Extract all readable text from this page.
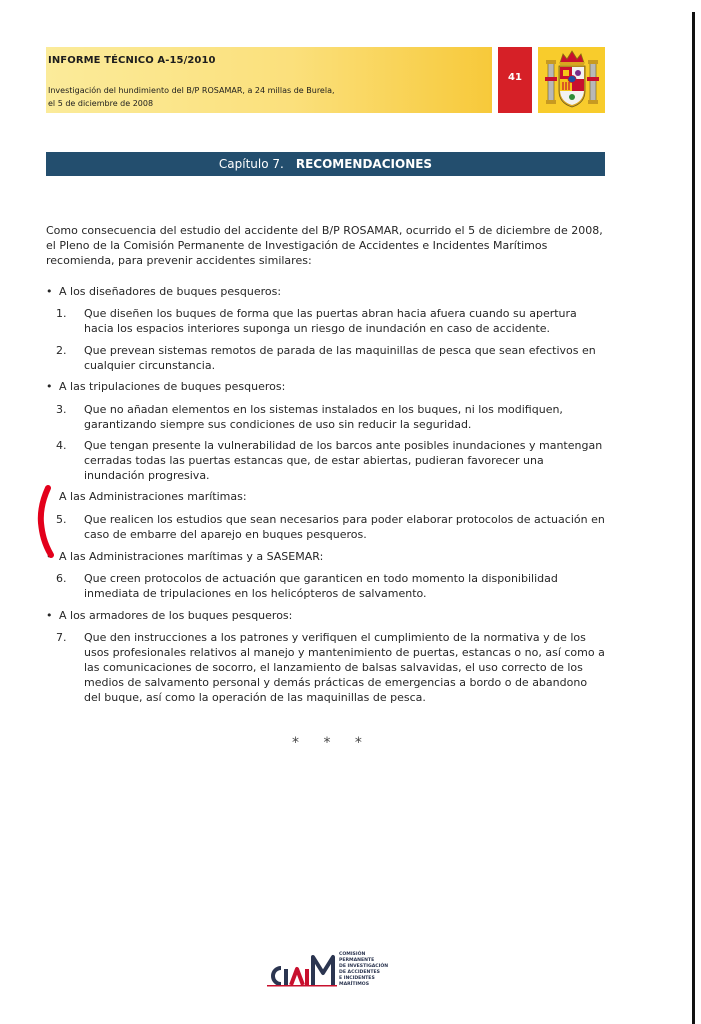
INFORME TÉCNICO A-15/2010
Investigación del hundimiento del B/P ROSAMAR, a 24 millas de Burela,
el 5 de diciembre de 2008
41
Capítulo 7. RECOMENDACIONES
Como consecuencia del estudio del accidente del B/P ROSAMAR, ocurrido el 5 de diciembre de 2008, el Pleno de la Comisión Permanente de Investigación de Accidentes e Incidentes Marítimos recomienda, para prevenir accidentes similares:
• A los diseñadores de buques pesqueros:
1. Que diseñen los buques de forma que las puertas abran hacia afuera cuando su apertura hacia los espacios interiores suponga un riesgo de inundación en caso de accidente.
2. Que prevean sistemas remotos de parada de las maquinillas de pesca que sean efectivos en cualquier circunstancia.
• A las tripulaciones de buques pesqueros:
3. Que no añadan elementos en los sistemas instalados en los buques, ni los modifiquen, garantizando siempre sus condiciones de uso sin reducir la seguridad.
4. Que tengan presente la vulnerabilidad de los barcos ante posibles inundaciones y mantengan cerradas todas las puertas estancas que, de estar abiertas, pudieran favorecer una inundación progresiva.
A las Administraciones marítimas:
5. Que realicen los estudios que sean necesarios para poder elaborar protocolos de actuación en caso de embarre del aparejo en buques pesqueros.
• A las Administraciones marítimas y a SASEMAR:
6. Que creen protocolos de actuación que garanticen en todo momento la disponibilidad inmediata de tripulaciones en los helicópteros de salvamento.
• A los armadores de los buques pesqueros:
7. Que den instrucciones a los patrones y verifiquen el cumplimiento de la normativa y de los usos profesionales relativos al manejo y mantenimiento de puertas, estancas o no, así como a las comunicaciones de socorro, el lanzamiento de balsas salvavidas, el uso correcto de los medios de salvamento personal y demás prácticas de emergencias a bordo o de abandono del buque, así como la operación de las maquinillas de pesca.
* * *
COMISIÓN
PERMANENTE
DE INVESTIGACIÓN
DE ACCIDENTES
E INCIDENTES
MARÍTIMOS
